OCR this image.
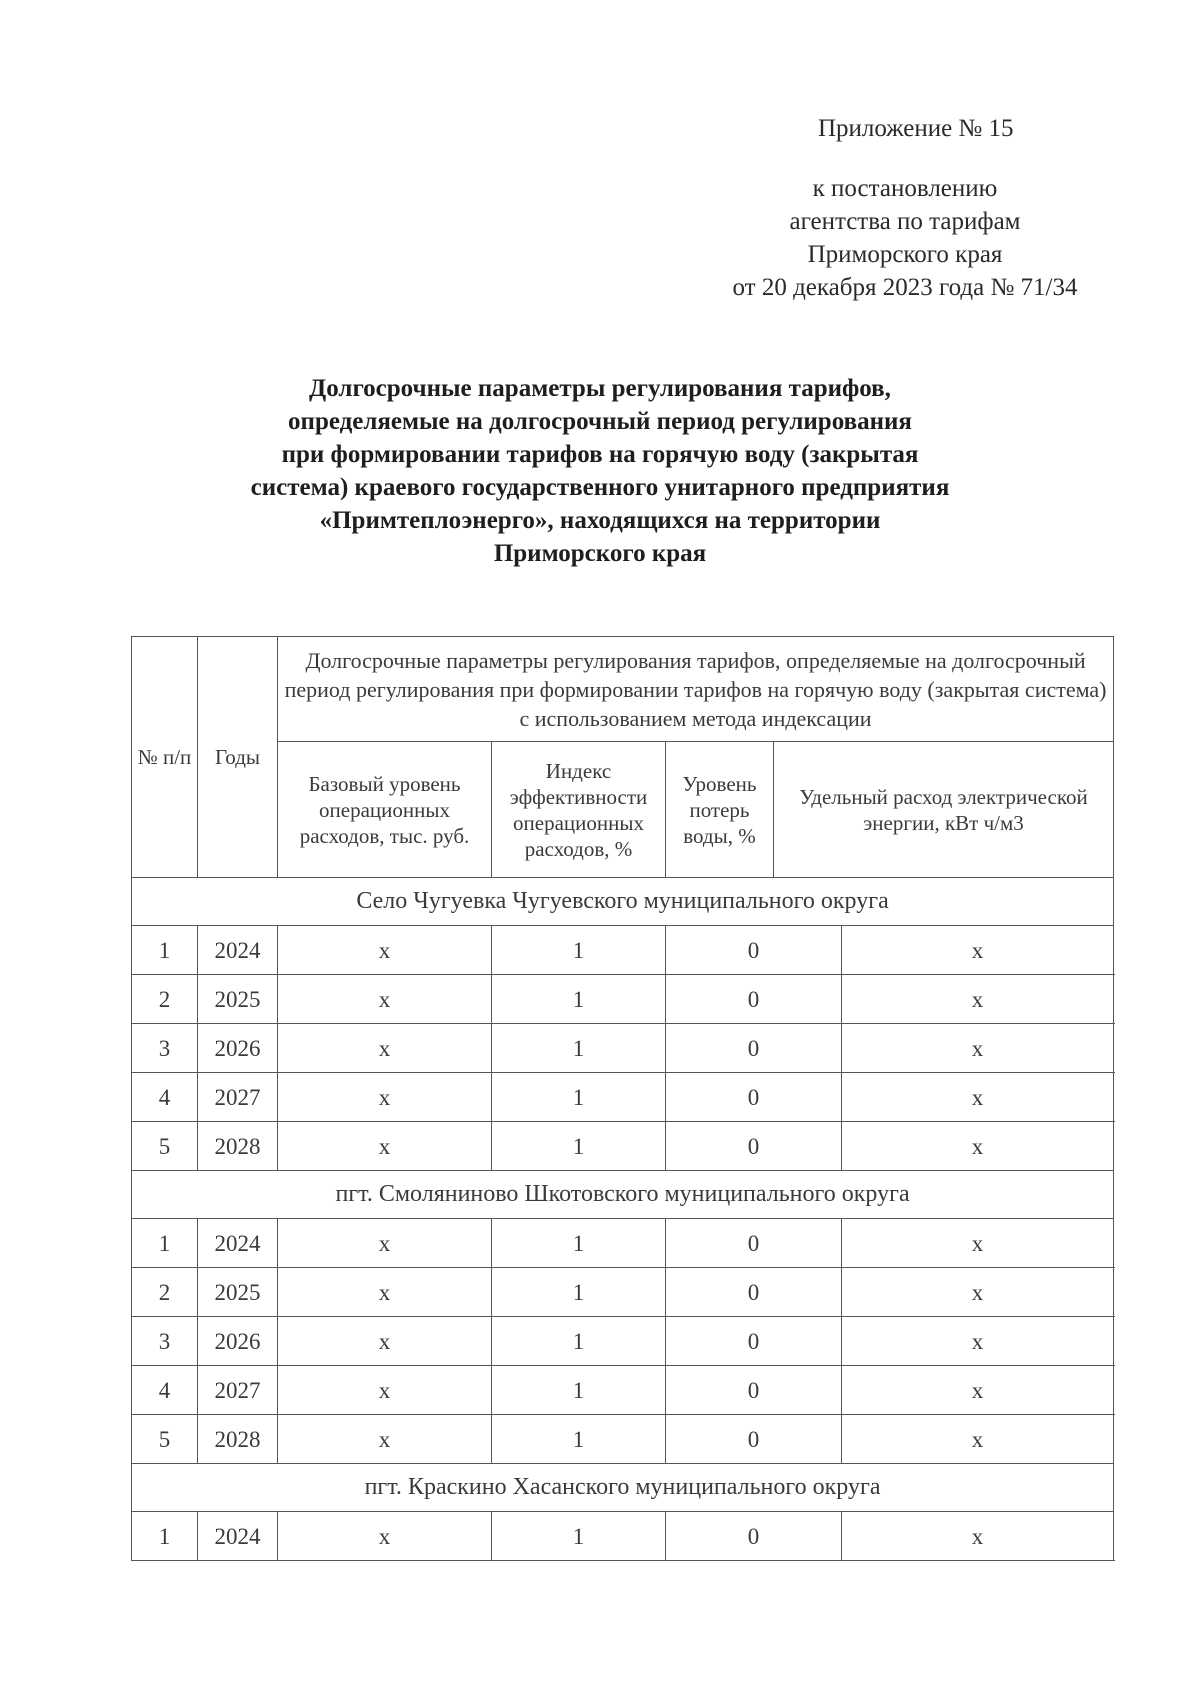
Приложение № 15
к постановлению
агентства по тарифам
Приморского края
от 20 декабря 2023 года № 71/34
Долгосрочные параметры регулирования тарифов,
определяемые на долгосрочный период регулирования
при формировании тарифов на горячую воду (закрытая
система) краевого государственного унитарного предприятия
«Примтеплоэнерго», находящихся на территории
Приморского края
№ п/п	Годы	Долгосрочные параметры регулирования тарифов, определяемые на долгосрочный период регулирования при формировании тарифов на горячую воду (закрытая система) с использованием метода индексации				
		Базовый уровень операционных расходов, тыс. руб.	Индекс эффективности операционных расходов, %	Уровень потерь воды, %	Удельный расход электрической энергии, кВт ч/м3	
Село Чугуевка Чугуевского муниципального округа						
1	2024	x	1	0		x
2	2025	x	1	0		x
3	2026	x	1	0		x
4	2027	x	1	0		x
5	2028	x	1	0		x
пгт. Смоляниново Шкотовского муниципального округа						
1	2024	x	1	0		x
2	2025	x	1	0		x
3	2026	x	1	0		x
4	2027	x	1	0		x
5	2028	x	1	0		x
пгт. Краскино Хасанского муниципального округа						
1	2024	x	1	0		x
